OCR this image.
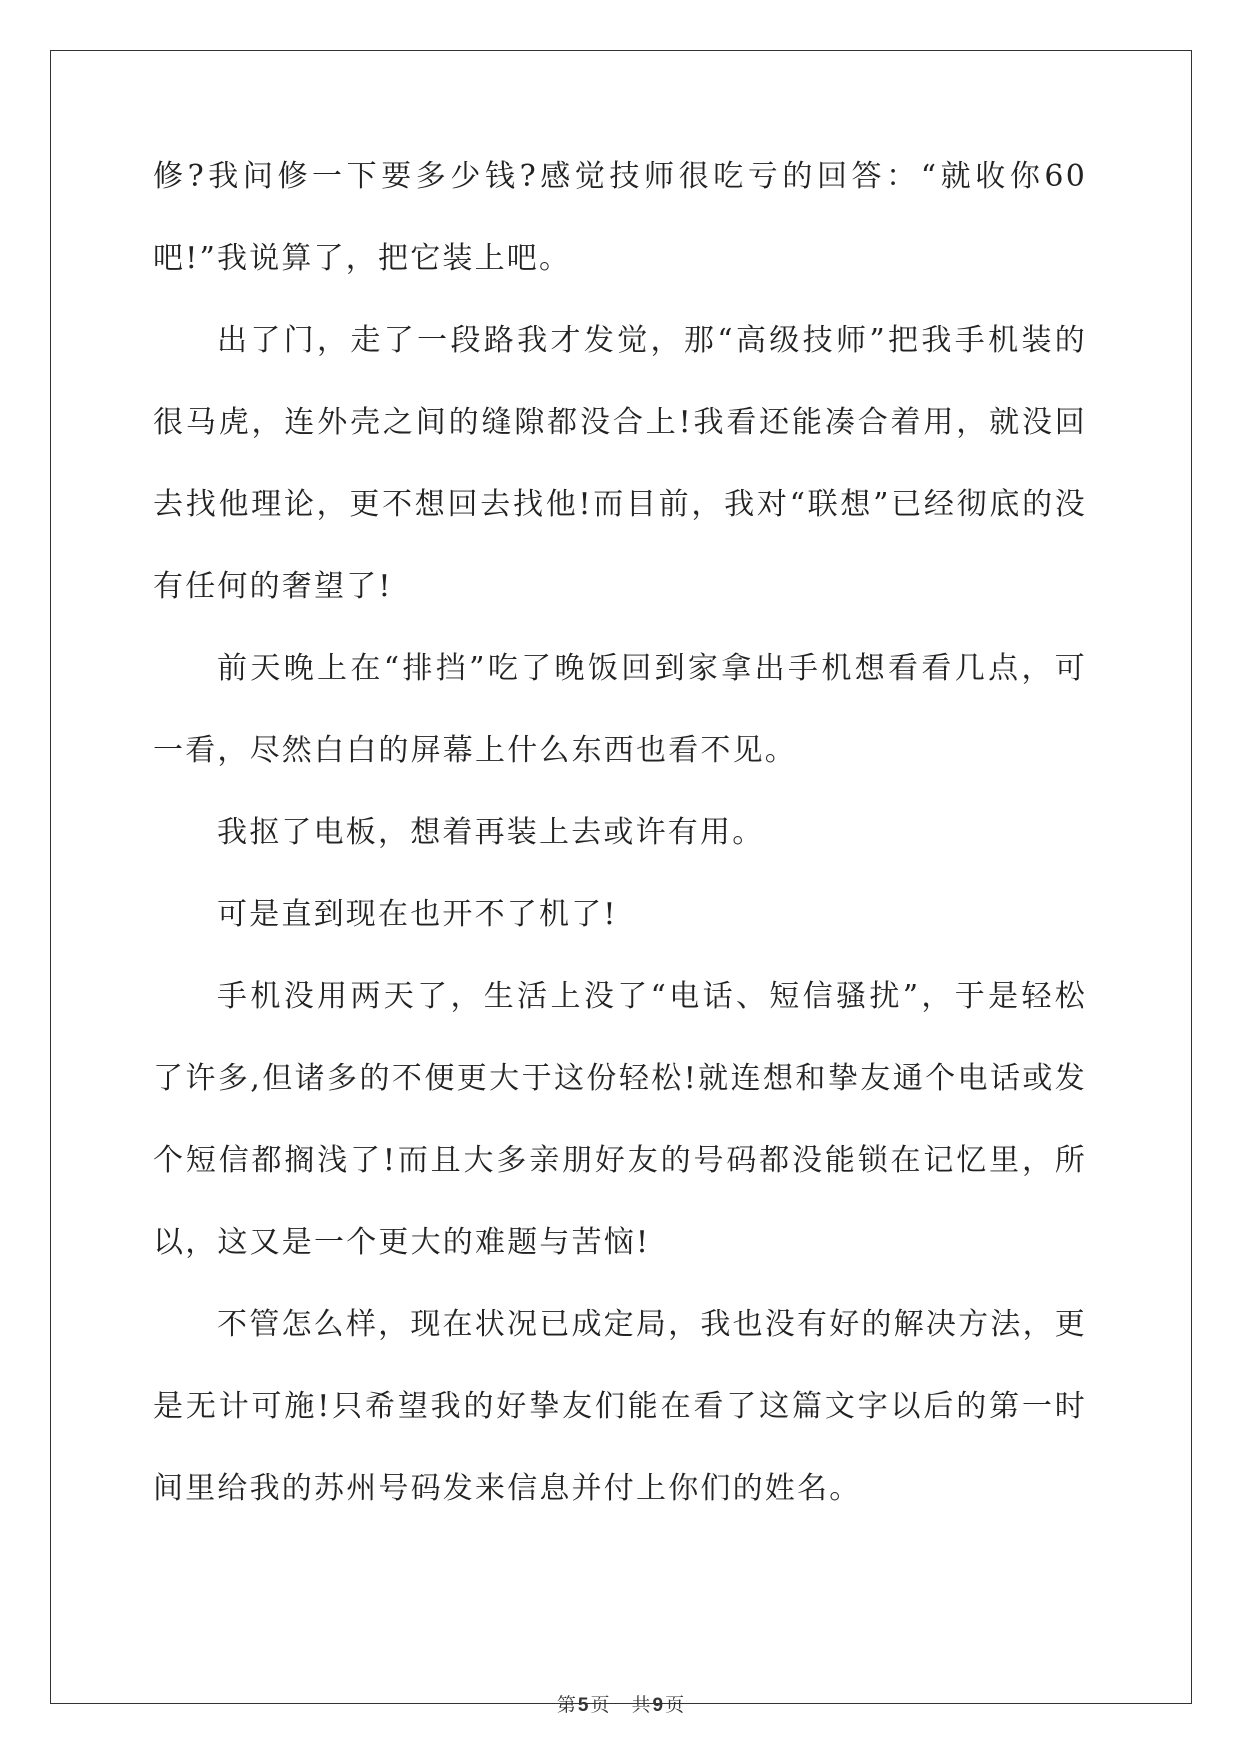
修?我问修一下要多少钱?感觉技师很吃亏的回答：“就收你60吧!”我说算了，把它装上吧。

出了门，走了一段路我才发觉，那“高级技师”把我手机装的很马虎，连外壳之间的缝隙都没合上!我看还能凑合着用，就没回去找他理论，更不想回去找他!而目前，我对“联想”已经彻底的没有任何的奢望了!

前天晚上在“排挡”吃了晚饭回到家拿出手机想看看几点，可一看，尽然白白的屏幕上什么东西也看不见。

我抠了电板，想着再装上去或许有用。

可是直到现在也开不了机了!

手机没用两天了，生活上没了“电话、短信骚扰”，于是轻松了许多,但诸多的不便更大于这份轻松!就连想和挚友通个电话或发个短信都搁浅了!而且大多亲朋好友的号码都没能锁在记忆里，所以，这又是一个更大的难题与苦恼!

不管怎么样，现在状况已成定局，我也没有好的解决方法，更是无计可施!只希望我的好挚友们能在看了这篇文字以后的第一时间里给我的苏州号码发来信息并付上你们的姓名。

第 5 页 共 9 页
